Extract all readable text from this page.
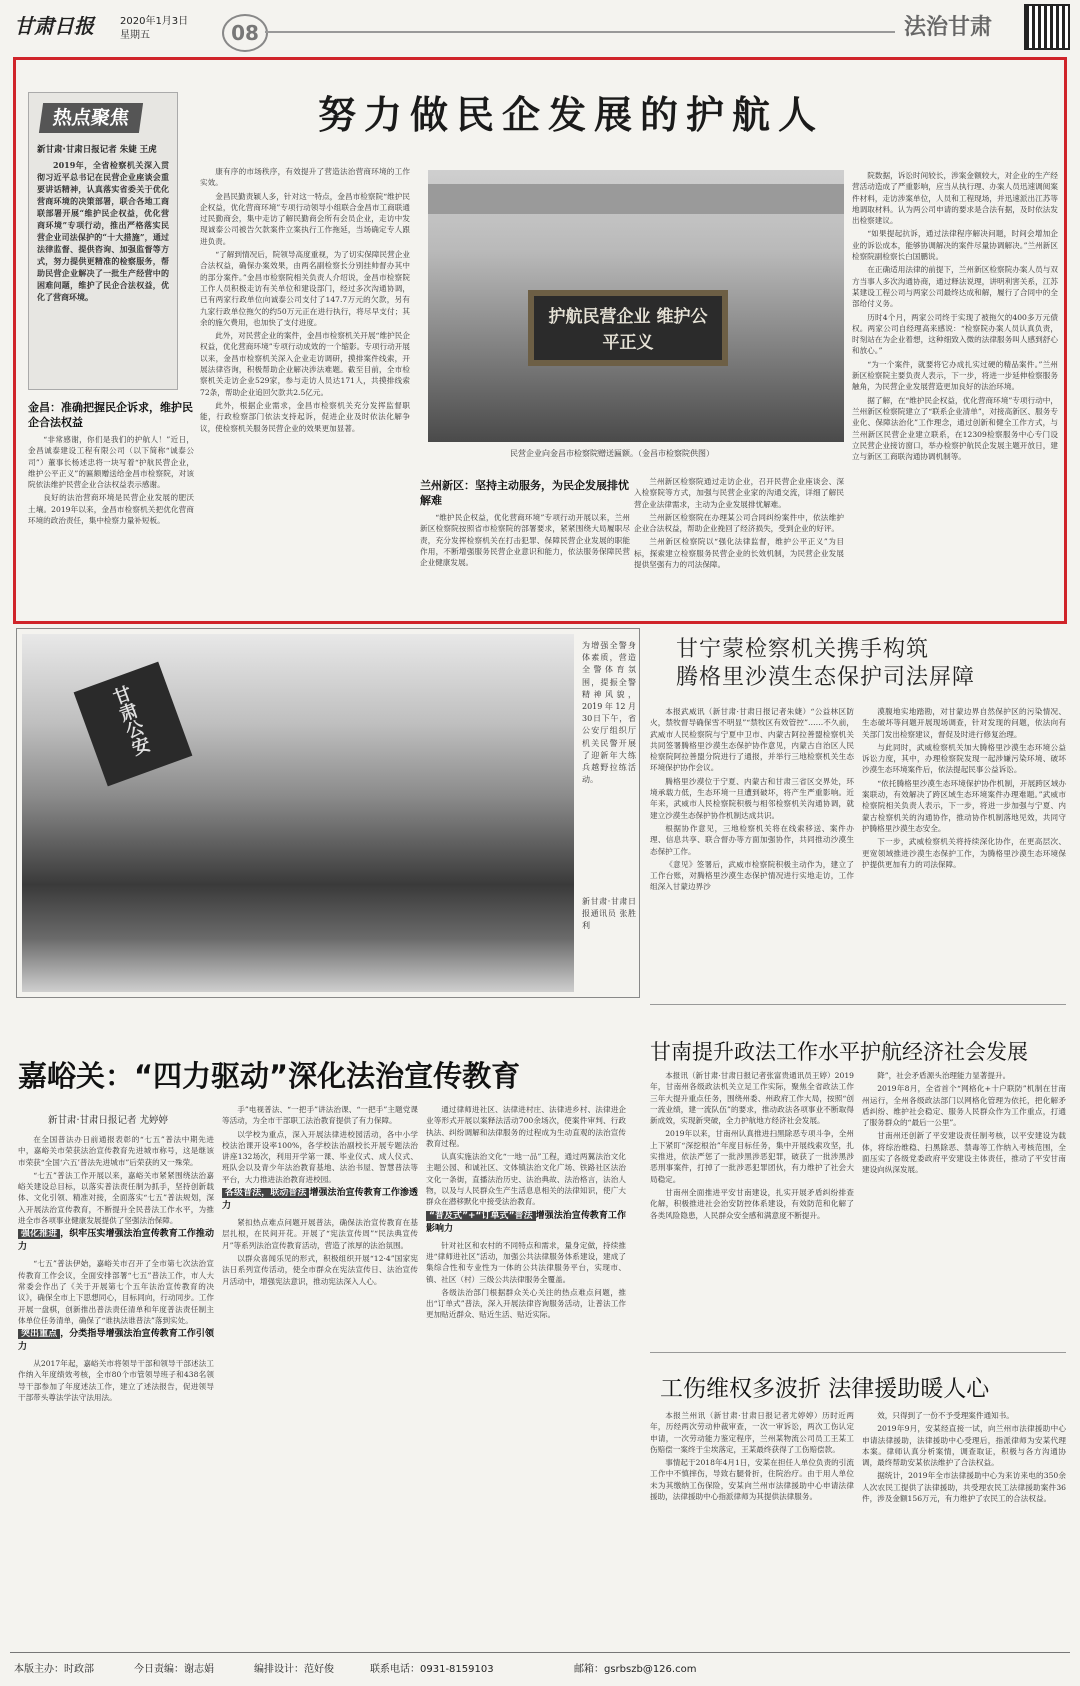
甘肃日报	2020年1月3日
星期五	08	法治甘肃
热点聚焦
新甘肃·甘肃日报记者 朱婕 王虎
2019年，全省检察机关深入贯彻习近平总书记在民营企业座谈会重要讲话精神，认真落实省委关于优化营商环境的决策部署，联合各地工商联部署开展“维护民企权益，优化营商环境”专项行动，推出严格落实民营企业司法保护的“十大措施”，通过法律监督、提供咨询、加强监督等方式，努力提供更精准的检察服务，帮助民营企业解决了一批生产经营中的困难问题，维护了民企合法权益，优化了营商环境。
努力做民企发展的护航人
金昌：准确把握民企诉求，维护民企合法权益

“非常感谢，你们是我们的护航人！”近日，金昌诚泰建设工程有限公司（以下简称“诚泰公司”）董事长杨述忠将一块写着“护航民营企业，维护公平正义”的匾额赠送给金昌市检察院，对该院依法维护民营企业合法权益表示感谢。

良好的法治营商环境是民营企业发展的肥沃土壤。2019年以来，金昌市检察机关把优化营商环境的政治责任，集中检察力量补短板。

康有序的市场秩序，有效提升了营造法治营商环境的工作实效。

金昌民勤责颖人多，针对这一特点，金昌市检察院“维护民企权益，优化营商环境”专项行动领导小组联合金昌市工商联通过民勤商会，集中走访了解民勤商会所有会员企业，走访中发现诚泰公司被告欠款案件立案执行工作拖延，当场确定专人跟进负责。

“了解到情况后，院领导高度重视，为了切实保障民营企业合法权益，确保办案效果，由两名副检察长分别挂帅督办其中的部分案件。”金昌市检察院相关负责人介绍说，金昌市检察院工作人员积极走访有关单位和建设部门，经过多次沟通协调，已有两家行政单位向诚泰公司支付了147.7万元的欠款，另有九家行政单位拖欠的约50万元正在进行执行，将尽早支付；其余的施欠费用，也加快了支付进度。

此外，对民营企业的案件，金昌市检察机关开展“维护民企权益，优化营商环境”专项行动成效的一个缩影。专项行动开展以来，金昌市检察机关深入企业走访调研，摸排案件线索，开展法律咨询，积极帮助企业解决涉法难题。截至目前，全市检察机关走访企业529家，参与走访人员达171人，共摸排线索72条，帮助企业追回欠款共2.5亿元。

此外，根据企业需求，金昌市检察机关充分发挥监督职能，行政检察部门依法支持起诉，促进企业及时依法化解争议，使检察机关服务民营企业的效果更加显著。

护航民营企业 维护公平正义
民营企业向金昌市检察院赠送匾额。（金昌市检察院供图）
兰州新区：坚持主动服务，为民企发展排忧解难

“维护民企权益，优化营商环境”专项行动开展以来，兰州新区检察院按照省市检察院的部署要求，紧紧围绕大局履职尽责，充分发挥检察机关在打击犯罪、保障民营企业发展的职能作用，不断增强服务民营企业意识和能力，依法服务保障民营企业健康发展。

兰州新区检察院通过走访企业，召开民营企业座谈会、深入检察院等方式，加强与民营企业家的沟通交流，详细了解民营企业法律需求，主动为企业发展排忧解难。

兰州新区检察院在办理某公司合同纠纷案件中，依法维护企业合法权益，帮助企业挽回了经济损失，受到企业的好评。

兰州新区检察院以“强化法律监督，维护公平正义”为目标，探索建立检察服务民营企业的长效机制，为民营企业发展提供坚强有力的司法保障。

院数据，诉讼时间较长，涉案金额较大，对企业的生产经营活动造成了严重影响，应当从执行理、办案人员迅速调阅案件材料，走访涉案单位，人员和工程现场，并迅速派出江苏等地调取材料。认为两公司申请的要求是合法有据，及时依法发出检察建议。

“如果提起抗诉，通过法律程序解决问题，时间会增加企业的诉讼成本，能够协调解决的案件尽量协调解决。”兰州新区检察院副检察长白国鹏说。

在正确适用法律的前提下，兰州新区检察院办案人员与双方当事人多次沟通协商，通过释法说理，讲明利害关系，江苏某建设工程公司与两家公司最终达成和解，履行了合同中的全部给付义务。

历时4个月，两家公司终于实现了被拖欠的400多万元债权。两家公司自经理高来感说：“检察院办案人员认真负责，时刻站在为企业着想，这种细致入微的法律服务叫人感到舒心和放心。”

“为一个案件，就要将它办成扎实过硬的精品案件。”兰州新区检察院主要负责人表示，下一步，将进一步延伸检察服务触角，为民营企业发展营造更加良好的法治环境。

据了解，在“维护民企权益，优化营商环境”专项行动中，兰州新区检察院建立了“联系企业清单”，对接高新区、服务专业化、保障法治化”工作理念，通过创新和健全工作方式，与兰州新区民营企业建立联系，在12309检察服务中心专门设立民营企业接访窗口，举办检察护航民企发展主题开放日，建立与新区工商联沟通协调机制等。

甘肃公安
为增强全警身体素质，营造全警体育氛围，提振全警精神风貌，2019年12月30日下午，省公安厅组织厅机关民警开展了迎新年大练兵越野拉练活动。
新甘肃·甘肃日报通讯员 张胜利
甘宁蒙检察机关携手构筑
腾格里沙漠生态保护司法屏障

本报武威讯（新甘肃·甘肃日报记者朱婕）“公益林区防火，禁牧督导确保雪不明显”“禁牧区有效管控”……不久前，武威市人民检察院与宁夏中卫市、内蒙古阿拉善盟检察机关共同签署腾格里沙漠生态保护协作意见，内蒙古自治区人民检察院阿拉善盟分院进行了通报，并举行三地检察机关生态环境保护协作会议。

腾格里沙漠位于宁夏、内蒙古和甘肃三省区交界处，环境承载力低，生态环境一旦遭到破坏，将产生严重影响。近年来，武威市人民检察院积极与相邻检察机关沟通协调，就建立沙漠生态保护协作机制达成共识。

根据协作意见，三地检察机关将在线索移送、案件办理、信息共享、联合督办等方面加强协作，共同推动沙漠生态保护工作。

《意见》签署后，武威市检察院积极主动作为，建立了工作台账，对腾格里沙漠生态保护情况进行实地走访，工作组深入甘蒙边界沙

漠腹地实地踏勘，对甘蒙边界自然保护区的污染情况、生态破坏等问题开展现场调查，针对发现的问题，依法向有关部门发出检察建议，督促及时进行修复治理。

与此同时，武威检察机关加大腾格里沙漠生态环境公益诉讼力度，其中，办理检察院发现一起涉嫌污染环境、破坏沙漠生态环境案件后，依法提起民事公益诉讼。

“依托腾格里沙漠生态环境保护协作机制，开展跨区域办案联动，有效解决了跨区域生态环境案件办理难题。”武威市检察院相关负责人表示，下一步，将进一步加强与宁夏、内蒙古检察机关的沟通协作，推动协作机制落地见效，共同守护腾格里沙漠生态安全。

下一步，武威检察机关将持续深化协作，在更高层次、更宽领域推进沙漠生态保护工作，为腾格里沙漠生态环境保护提供更加有力的司法保障。

嘉峪关：“四力驱动”深化法治宣传教育
新甘肃·甘肃日报记者 尤婷婷

在全国普法办日前通报表彰的“七五”普法中期先进中，嘉峪关市荣获法治宣传教育先进城市称号，这是继该市荣获“全国‘六五’普法先进城市”后荣获的又一殊荣。

“七五”普法工作开展以来，嘉峪关市紧紧围绕法治嘉峪关建设总目标，以落实普法责任制为抓手，坚持创新载体、文化引领、精准对接，全面落实“七五”普法规划，深入开展法治宣传教育，不断提升全民普法工作水平，为推进全市各项事业健康发展提供了坚强法治保障。

强化推进 ，织牢压实增强法治宣传教育工作推动力

“七五”普法伊始，嘉峪关市召开了全市第七次法治宣传教育工作会议，全面安排部署“七五”普法工作，市人大常委会作出了《关于开展第七个五年法治宣传教育的决议》，确保全市上下思想同心，目标同向，行动同步。工作开展一盘棋，创新推出普法责任清单和年度普法责任制主体单位任务清单，确保了“谁执法谁普法”落到实处。

突出重点 ，分类指导增强法治宣传教育工作引领力

从2017年起，嘉峪关市将领导干部和领导干部述法工作纳入年度绩效考核，全市80个市管领导班子和438名领导干部参加了年度述法工作，建立了述法报告，促进领导干部带头尊法学法守法用法。

手”电视普法、“一把手”讲法治课、“一把手”主题党课等活动，为全市干部职工法治教育提供了有力保障。

以学校为重点，深入开展法律进校园活动，各中小学校法治课开设率100%，各学校法治副校长开展专题法治讲座132场次，利用开学第一课、毕业仪式、成人仪式、班队会以及青少年法治教育基地、法治书屋、智慧普法等平台，大力推进法治教育进校园。

各级普法，联动普法 增强法治宣传教育工作渗透力

紧扣热点难点问题开展普法，确保法治宣传教育在基层扎根，在民间开花。开展了“宪法宣传周”“民法典宣传月”等系列法治宣传教育活动，营造了浓厚的法治氛围。

以群众喜闻乐见的形式，积极组织开展“12·4”国家宪法日系列宣传活动，使全市群众在宪法宣传日、法治宣传月活动中，增强宪法意识，推动宪法深入人心。

通过律师进社区、法律进村庄、法律进乡村、法律进企业等形式开展以案释法活动700余场次，使案件审判、行政执法、纠纷调解和法律服务的过程成为生动直观的法治宣传教育过程。

认真实施法治文化“一地一品”工程，通过两翼法治文化主题公园、和诚社区、文体镇法治文化广场、铁路社区法治文化一条街，直播法治历史、法治典故、法治格言，法治人物，以及与人民群众生产生活息息相关的法律知识，使广大群众在潜移默化中接受法治教育。

“普及式”+“订单式”普法 增强法治宣传教育工作影响力

针对社区和农村的不同特点和需求，量身定做，持续推进“律师进社区”活动，加强公共法律服务体系建设，建成了集综合性和专业性为一体的公共法律服务平台，实现市、镇、社区（村）三级公共法律服务全覆盖。

各级法治部门根据群众关心关注的热点难点问题，推出“订单式”普法，深入开展法律咨询服务活动，让普法工作更加贴近群众、贴近生活、贴近实际。

甘南提升政法工作水平护航经济社会发展

本报讯（新甘肃·甘肃日报记者张富贵通讯员王婷）2019年，甘南州各级政法机关立足工作实际，聚焦全省政法工作三年大提升重点任务，围绕州委、州政府工作大局，按照“创一流业绩，建一流队伍”的要求，推动政法各项事业不断取得新成效，实现新突破，全力护航地方经济社会发展。

2019年以来，甘南州认真推进扫黑除恶专项斗争，全州上下紧盯“深挖根治”年度目标任务，集中开展线索攻坚，扎实推进，依法严惩了一批涉黑涉恶犯罪，破获了一批涉黑涉恶刑事案件，打掉了一批涉恶犯罪团伙，有力维护了社会大局稳定。

甘南州全面推进平安甘南建设，扎实开展矛盾纠纷排查化解，积极推进社会治安防控体系建设，有效防范和化解了各类风险隐患，人民群众安全感和满意度不断提升。

降”，社会矛盾源头治理能力显著提升。

2019年8月，全省首个“网格化+十户联防”机制在甘南州运行，全州各级政法部门以网格化管理为依托，把化解矛盾纠纷、维护社会稳定、服务人民群众作为工作重点，打通了服务群众的“最后一公里”。

甘南州还创新了平安建设责任制考核，以平安建设为载体，将综治维稳、扫黑除恶、禁毒等工作纳入考核范围，全面压实了各级党委政府平安建设主体责任，推动了平安甘南建设向纵深发展。

工伤维权多波折 法律援助暖人心

本报兰州讯（新甘肃·甘肃日报记者尤婷婷）历时近两年，历经两次劳动仲裁审查，一次一审诉讼，两次工伤认定申请，一次劳动能力鉴定程序，兰州某物流公司员工王某工伤赔偿一案终于尘埃落定，王某最终获得了工伤赔偿款。

事情起于2018年4月1日，安某在担任人单位负责的引流工作中不慎摔伤，导致右腿骨折，住院治疗。由于用人单位未为其缴纳工伤保险，安某向兰州市法律援助中心申请法律援助，法律援助中心指派律师为其提供法律服务。

效，只得到了一份不予受理案件通知书。

2019年9月，安某经直接一试，向兰州市法律援助中心申请法律援助，法律援助中心受理后，指派律师为安某代理本案。律师认真分析案情，调查取证，积极与各方沟通协调，最终帮助安某依法维护了合法权益。

据统计，2019年全市法律援助中心为来访来电的350余人次农民工提供了法律援助，共受理农民工法律援助案件36件，涉及金额156万元，有力维护了农民工的合法权益。

本版主办：时政部	今日责编：谢志娟	编排设计：范好俊	联系电话：0931-8159103	邮箱：gsrbszb@126.com
